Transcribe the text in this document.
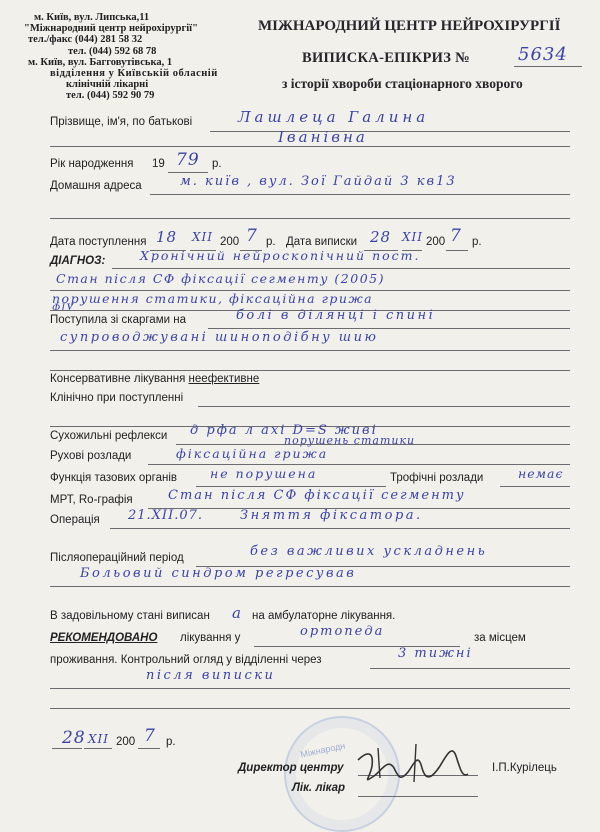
м. Київ, вул. Липська,11
"Міжнародний центр нейрохірургії"
тел./факс (044) 281 58 32
тел. (044) 592 68 78
м. Київ, вул. Багговутівська, 1
відділення у Київській обласній
клінічній лікарні
тел. (044) 592 90 79
МІЖНАРОДНИЙ ЦЕНТР НЕЙРОХІРУРГІЇ
ВИПИСКА-ЕПІКРИЗ №	5634
з історії хвороби стаціонарного хворого
Прізвище, ім'я, по батькові	Лашлеца Галина
Іванівна
Рік народження 19 79 р.
Домашня адреса	м. київ , вул. Зої Гайдай 3 кв13
Дата поступлення 18 XII 200 7 р. Дата виписки 28 XII 200 7 р.
ДІАГНОЗ:	Хронічний нейроскопічний пост.
Стан після СФ фіксації сегменту (2005)
порушення статики, фіксаційна грижа
ФІУ
Поступила зі скаргами на	болі в ділянці і спині
супроводжувані шиноподібну шию
Консервативне лікування неефективне
Клінічно при поступленні
Сухожильні рефлекси д рфа л ахі D=S живі
порушень статики
Рухові розлади	фіксаційна грижа
Функція тазових органів	не порушена	Трофічні розлади	немає
МРТ, Ro-графія	Стан після СФ фіксації сегменту
Операція 21.XII.07.	Зняття фіксатора.
Післяопераційний період	без важливих ускладнень
Больовий синдром регресував
В задовільному стані виписан а на амбулаторне лікування.
РЕКОМЕНДОВАНО лікування у	ортопеда	за місцем
проживання. Контрольний огляд у відділенні через	3 тижні
після виписки
28 XII 200 7 р.	Міжнародн
Директор центру	І.П.Курілець
Лік. лікар
